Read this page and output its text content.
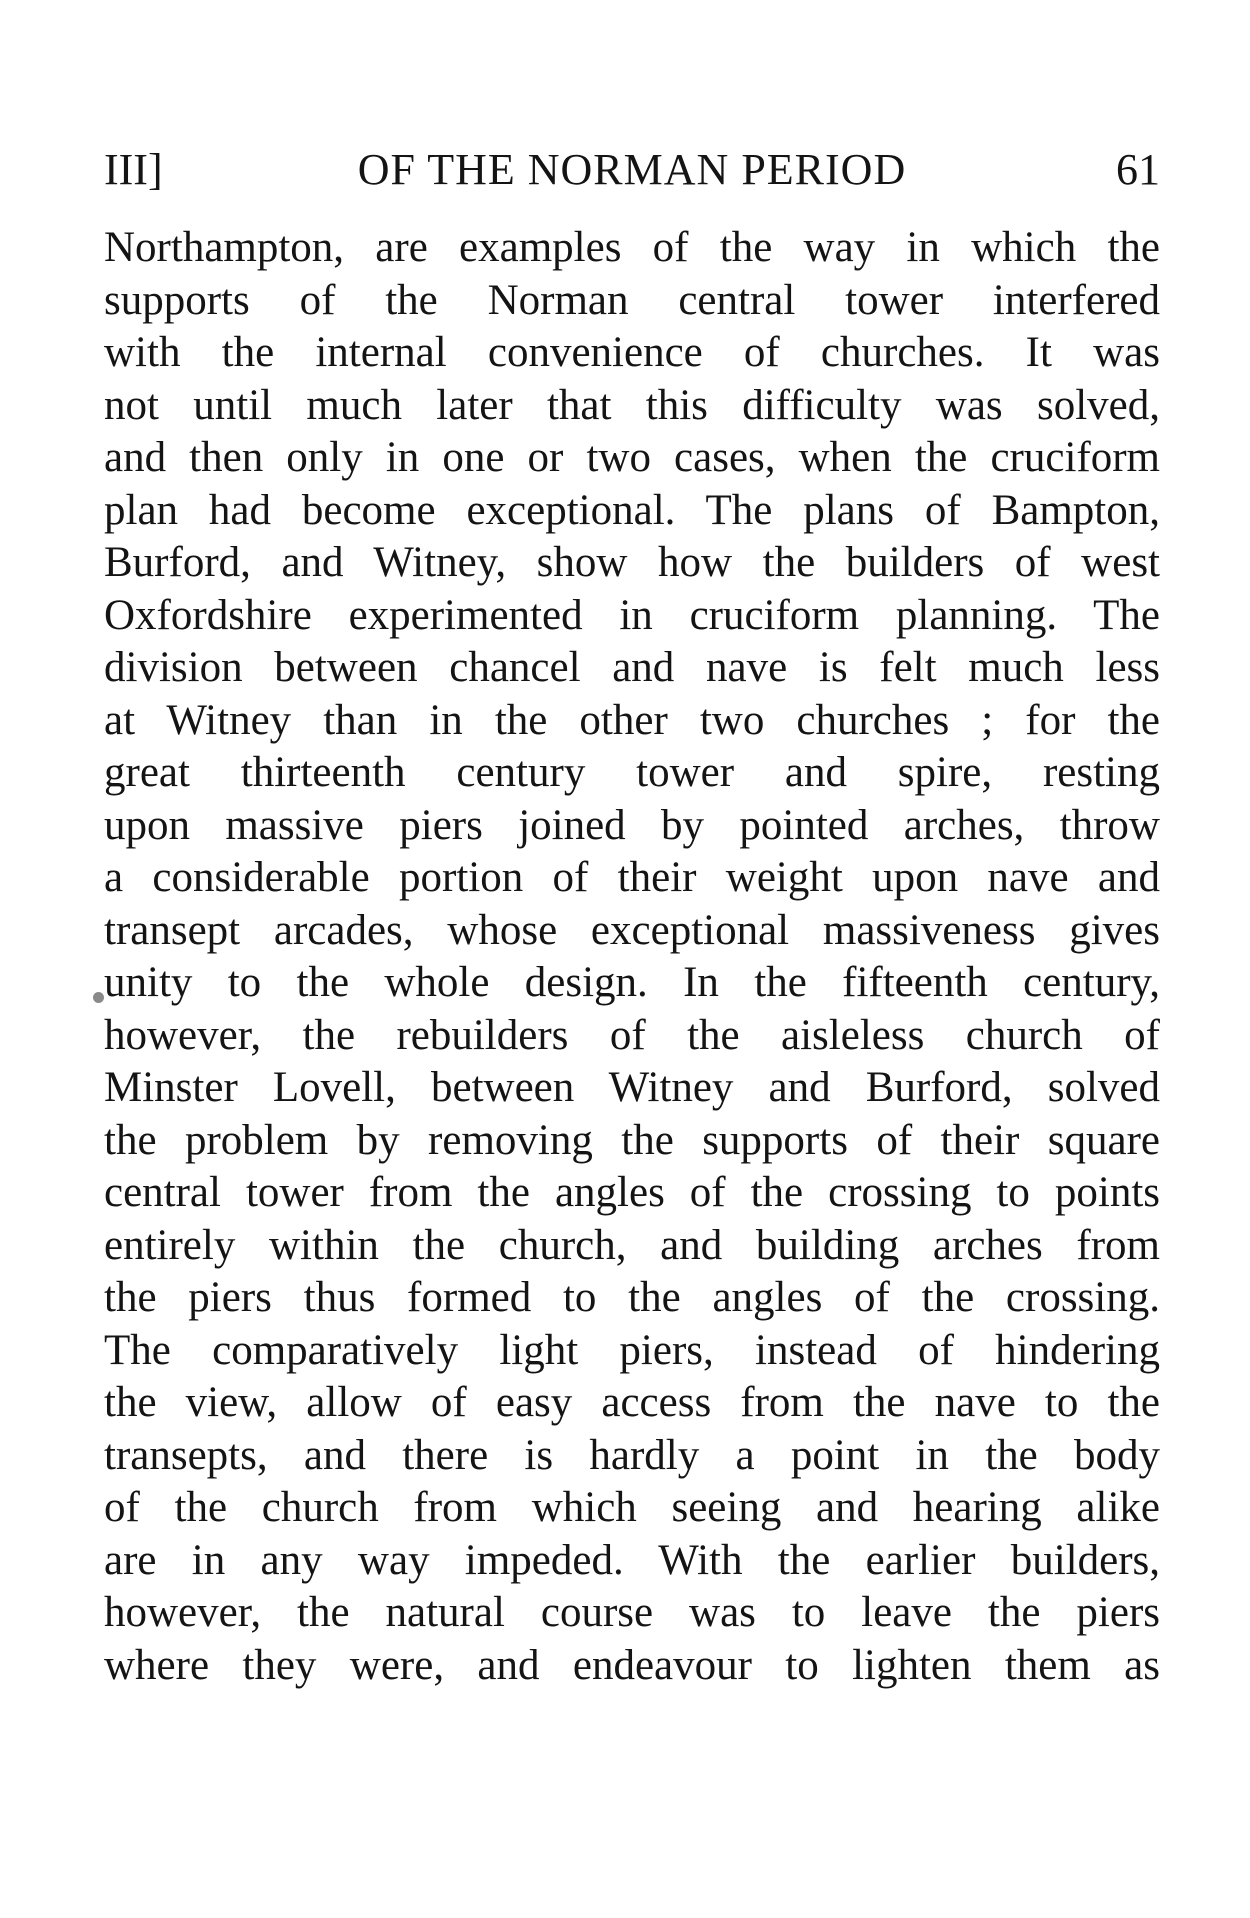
III]	OF THE NORMAN PERIOD	61
Northampton, are examples of the way in which the
supports of the Norman central tower interfered
with the internal convenience of churches. It was
not until much later that this difficulty was solved,
and then only in one or two cases, when the cruciform
plan had become exceptional. The plans of Bampton,
Burford, and Witney, show how the builders of west
Oxfordshire experimented in cruciform planning. The
division between chancel and nave is felt much less
at Witney than in the other two churches ; for the
great thirteenth century tower and spire, resting
upon massive piers joined by pointed arches, throw
a considerable portion of their weight upon nave and
transept arcades, whose exceptional massiveness gives
unity to the whole design. In the fifteenth century,
however, the rebuilders of the aisleless church of
Minster Lovell, between Witney and Burford, solved
the problem by removing the supports of their square
central tower from the angles of the crossing to points
entirely within the church, and building arches from
the piers thus formed to the angles of the crossing.
The comparatively light piers, instead of hindering
the view, allow of easy access from the nave to the
transepts, and there is hardly a point in the body
of the church from which seeing and hearing alike
are in any way impeded. With the earlier builders,
however, the natural course was to leave the piers
where they were, and endeavour to lighten them as
